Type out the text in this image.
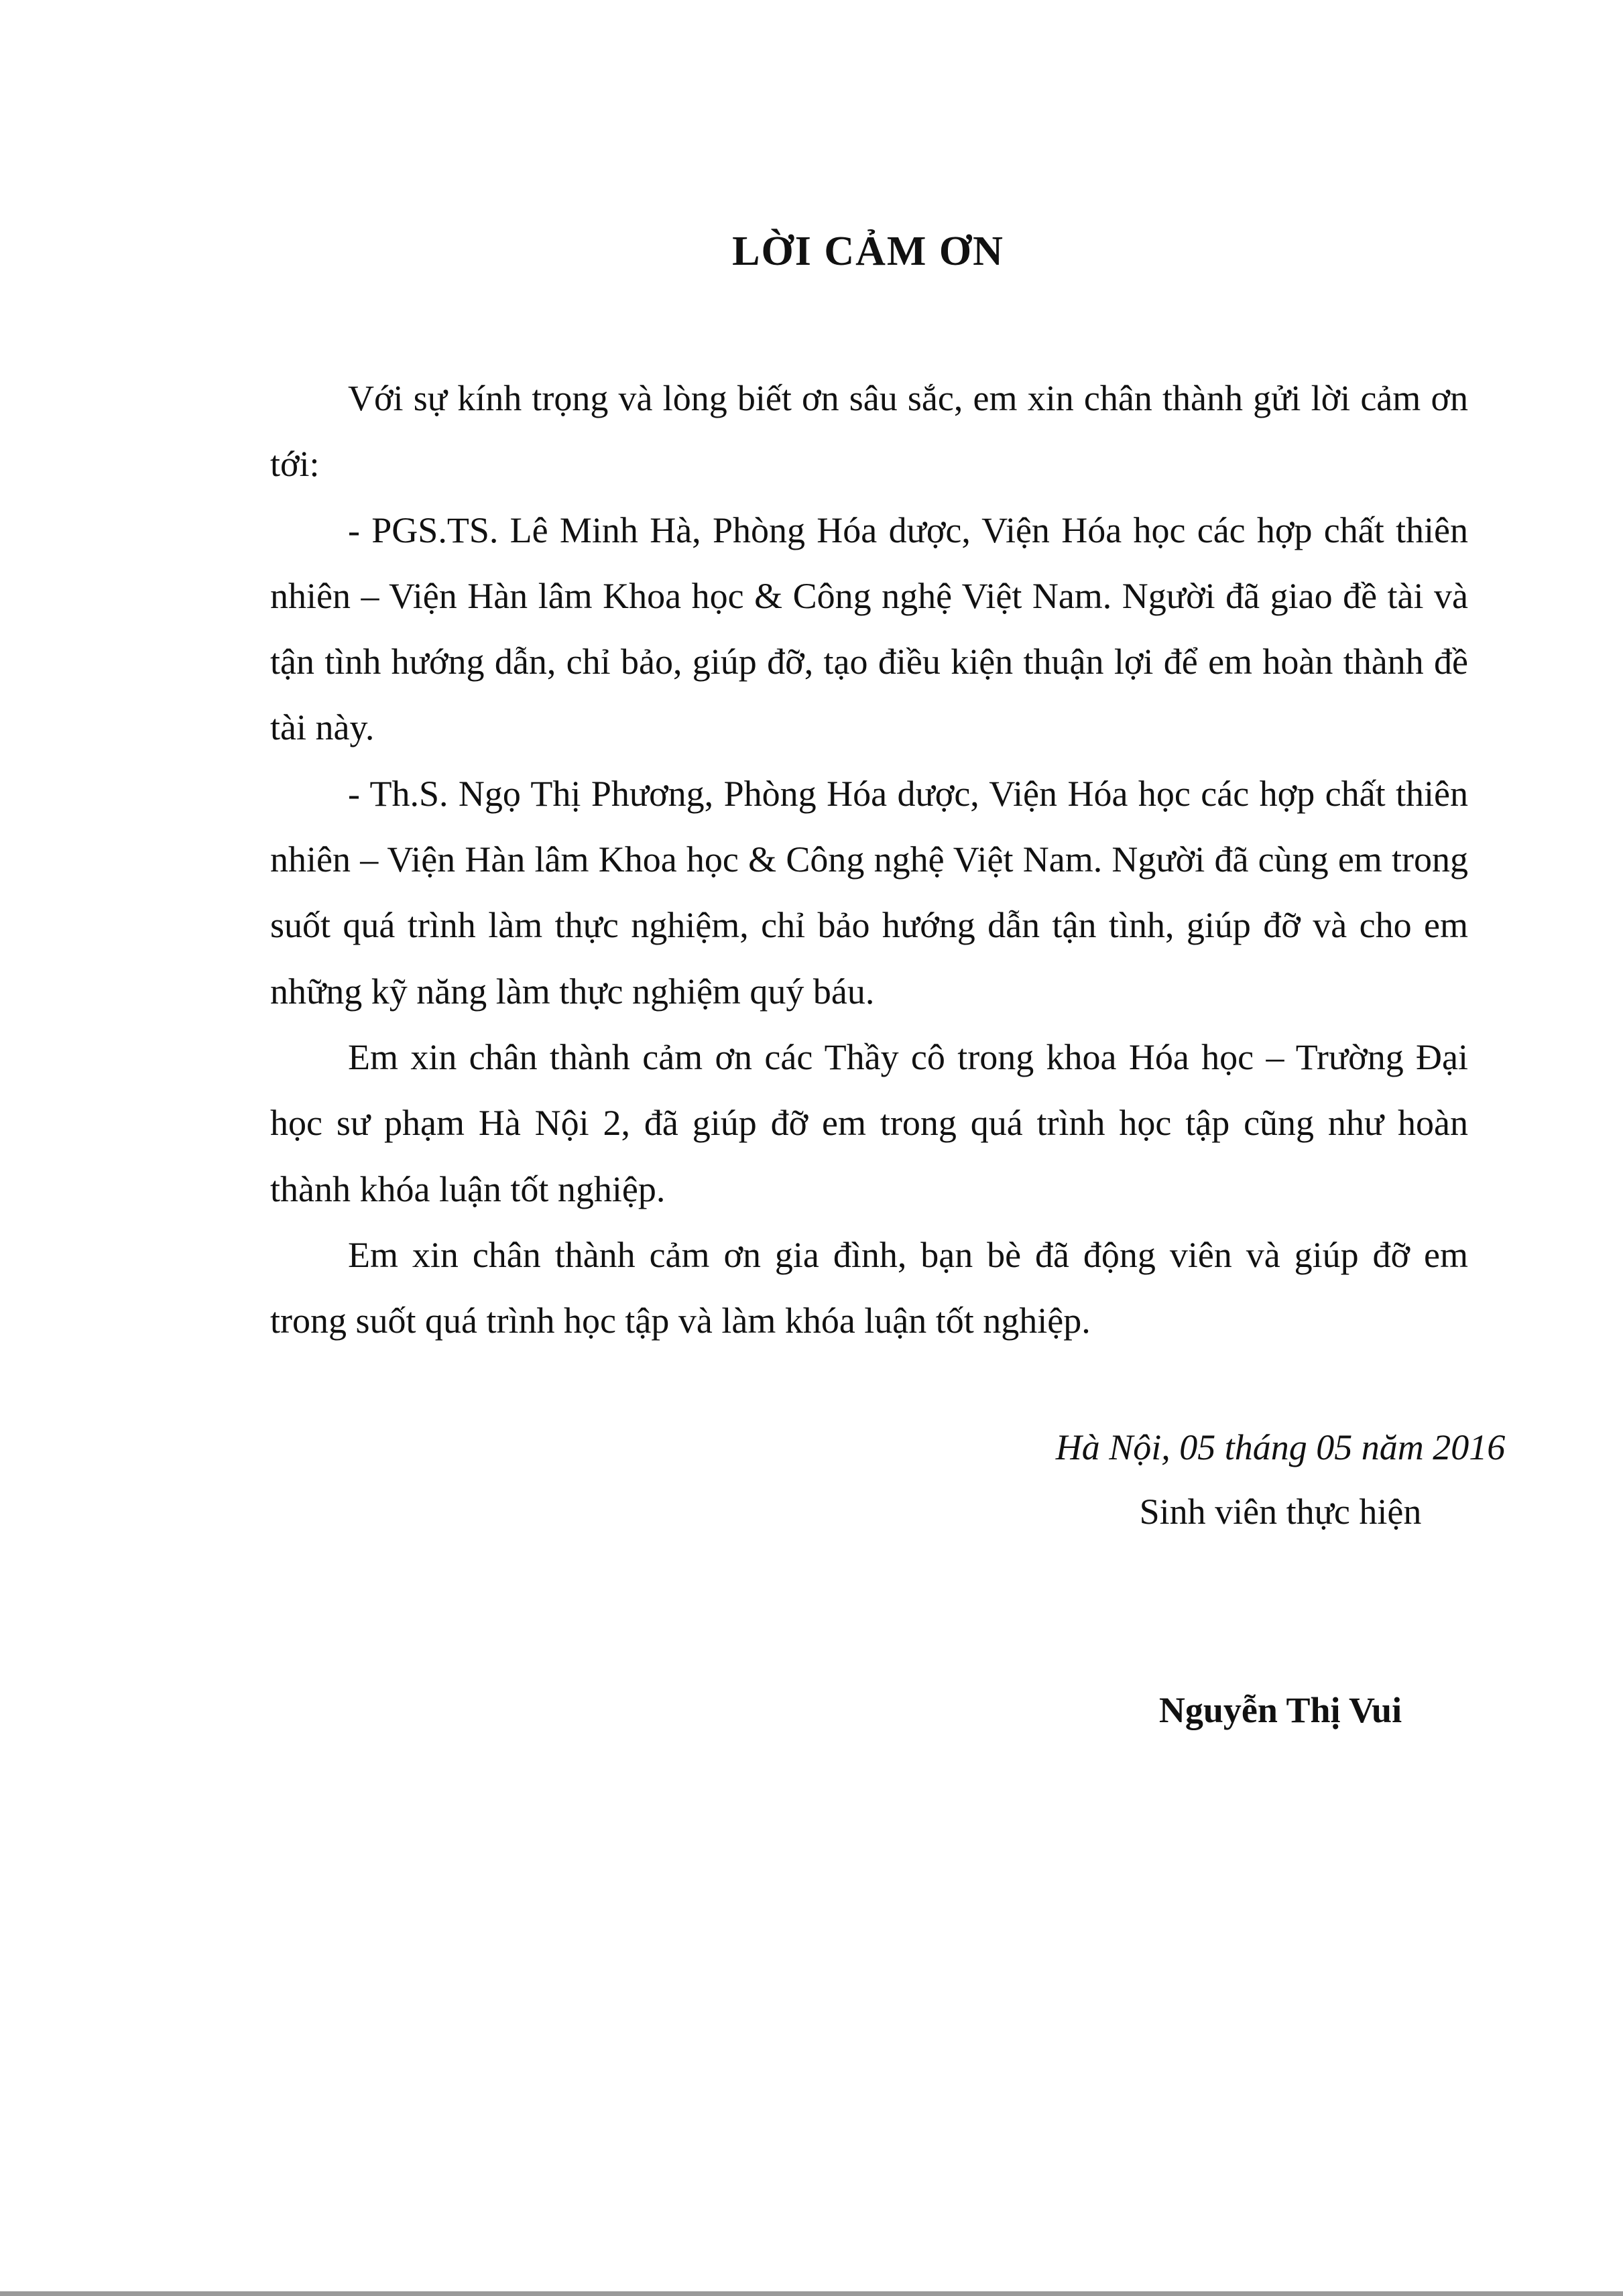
LỜI CẢM ƠN

Với sự kính trọng và lòng biết ơn sâu sắc, em xin chân thành gửi lời cảm ơn tới:

- PGS.TS. Lê Minh Hà, Phòng Hóa dược, Viện Hóa học các hợp chất thiên nhiên – Viện Hàn lâm Khoa học & Công nghệ Việt Nam. Người đã giao đề tài và tận tình hướng dẫn, chỉ bảo, giúp đỡ, tạo điều kiện thuận lợi để em hoàn thành đề tài này.

- Th.S. Ngọ Thị Phương, Phòng Hóa dược, Viện Hóa học các hợp chất thiên nhiên – Viện Hàn lâm Khoa học & Công nghệ Việt Nam. Người đã cùng em trong suốt quá trình làm thực nghiệm, chỉ bảo hướng dẫn tận tình, giúp đỡ và cho em những kỹ năng làm thực nghiệm quý báu.

Em xin chân thành cảm ơn các Thầy cô trong khoa Hóa học – Trường Đại học sư phạm Hà Nội 2, đã giúp đỡ em trong quá trình học tập cũng như hoàn thành khóa luận tốt nghiệp.

Em xin chân thành cảm ơn gia đình, bạn bè đã động viên và giúp đỡ em trong suốt quá trình học tập và làm khóa luận tốt nghiệp.

Hà Nội, 05 tháng 05 năm 2016

Sinh viên thực hiện

Nguyễn Thị Vui
